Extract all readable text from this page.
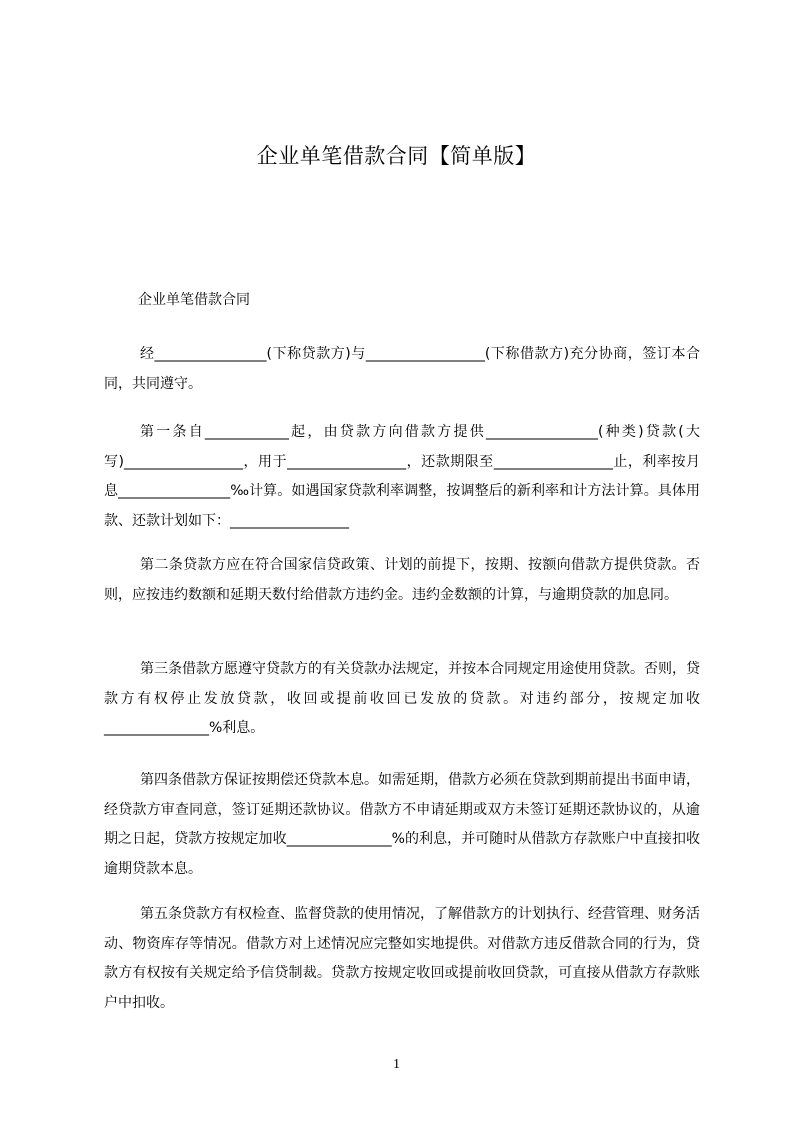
企业单笔借款合同【简单版】
企业单笔借款合同

经________________(下称贷款方)与_________________(下称借款方)充分协商，签订本合同，共同遵守。

第一条自____________起，由贷款方向借款方提供________________(种类)贷款(大写)_________________，用于_________________，还款期限至_________________止，利率按月息________________‰计算。如遇国家贷款利率调整，按调整后的新利率和计方法计算。具体用款、还款计划如下：_________________

第二条贷款方应在符合国家信贷政策、计划的前提下，按期、按额向借款方提供贷款。否则，应按违约数额和延期天数付给借款方违约金。违约金数额的计算，与逾期贷款的加息同。

第三条借款方愿遵守贷款方的有关贷款办法规定，并按本合同规定用途使用贷款。否则，贷款方有权停止发放贷款，收回或提前收回已发放的贷款。对违约部分，按规定加收_______________%利息。

第四条借款方保证按期偿还贷款本息。如需延期，借款方必须在贷款到期前提出书面申请，经贷款方审查同意，签订延期还款协议。借款方不申请延期或双方未签订延期还款协议的，从逾期之日起，贷款方按规定加收_______________%的利息，并可随时从借款方存款账户中直接扣收逾期贷款本息。

第五条贷款方有权检查、监督贷款的使用情况，了解借款方的计划执行、经营管理、财务活动、物资库存等情况。借款方对上述情况应完整如实地提供。对借款方违反借款合同的行为，贷款方有权按有关规定给予信贷制裁。贷款方按规定收回或提前收回贷款，可直接从借款方存款账户中扣收。

1
